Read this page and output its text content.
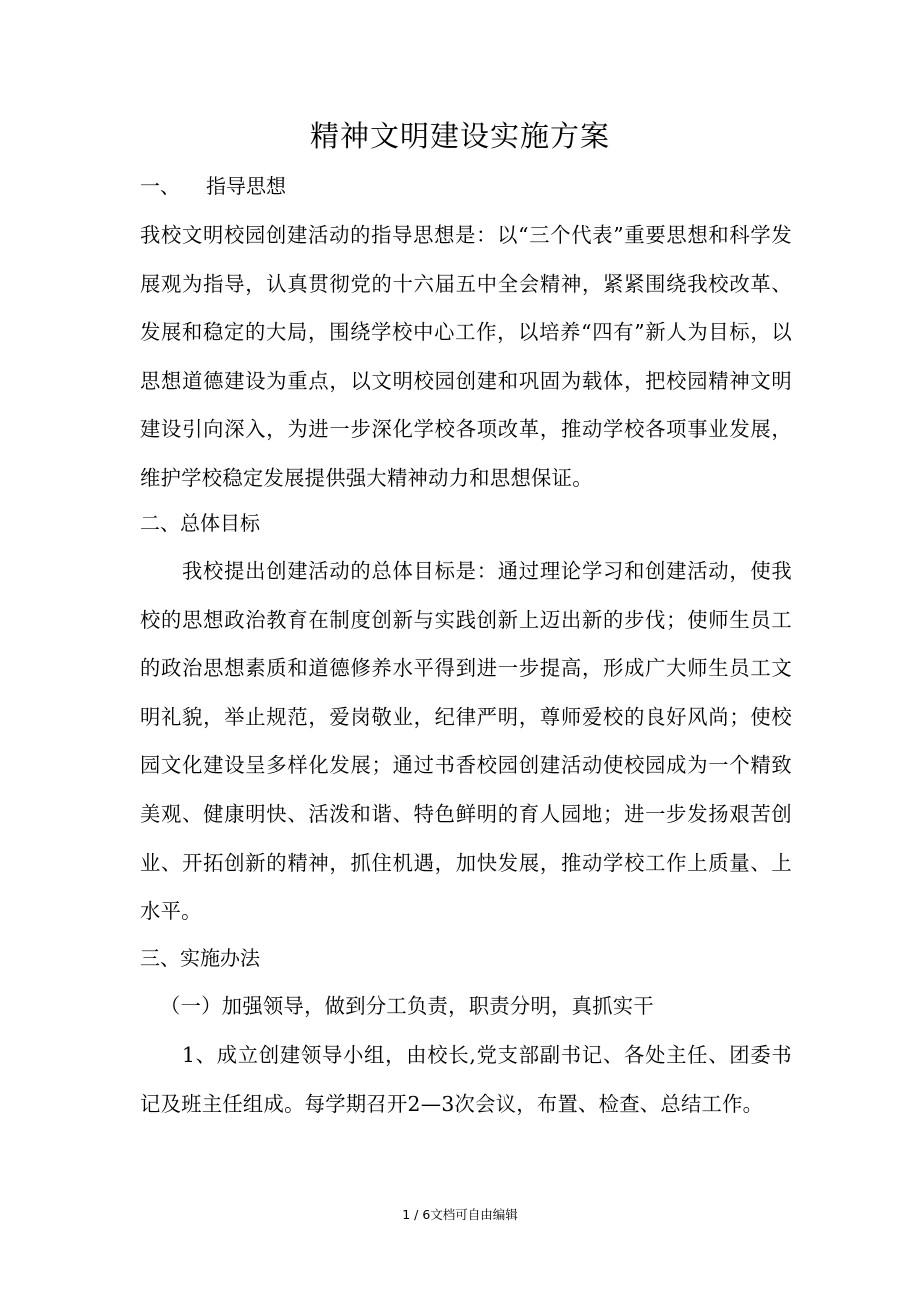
精神文明建设实施方案
一、 指导思想

我校文明校园创建活动的指导思想是：以“三个代表”重要思想和科学发展观为指导，认真贯彻党的十六届五中全会精神，紧紧围绕我校改革、发展和稳定的大局，围绕学校中心工作，以培养“四有”新人为目标，以思想道德建设为重点，以文明校园创建和巩固为载体，把校园精神文明建设引向深入，为进一步深化学校各项改革，推动学校各项事业发展，维护学校稳定发展提供强大精神动力和思想保证。

二、总体目标

我校提出创建活动的总体目标是：通过理论学习和创建活动，使我校的思想政治教育在制度创新与实践创新上迈出新的步伐；使师生员工的政治思想素质和道德修养水平得到进一步提高，形成广大师生员工文明礼貌，举止规范，爱岗敬业，纪律严明，尊师爱校的良好风尚；使校园文化建设呈多样化发展；通过书香校园创建活动使校园成为一个精致美观、健康明快、活泼和谐、特色鲜明的育人园地；进一步发扬艰苦创业、开拓创新的精神，抓住机遇，加快发展，推动学校工作上质量、上水平。

三、实施办法
（一）加强领导，做到分工负责，职责分明，真抓实干

1、成立创建领导小组，由校长,党支部副书记、各处主任、团委书记及班主任组成。每学期召开2—3次会议，布置、检查、总结工作。

1 / 6文档可自由编辑
